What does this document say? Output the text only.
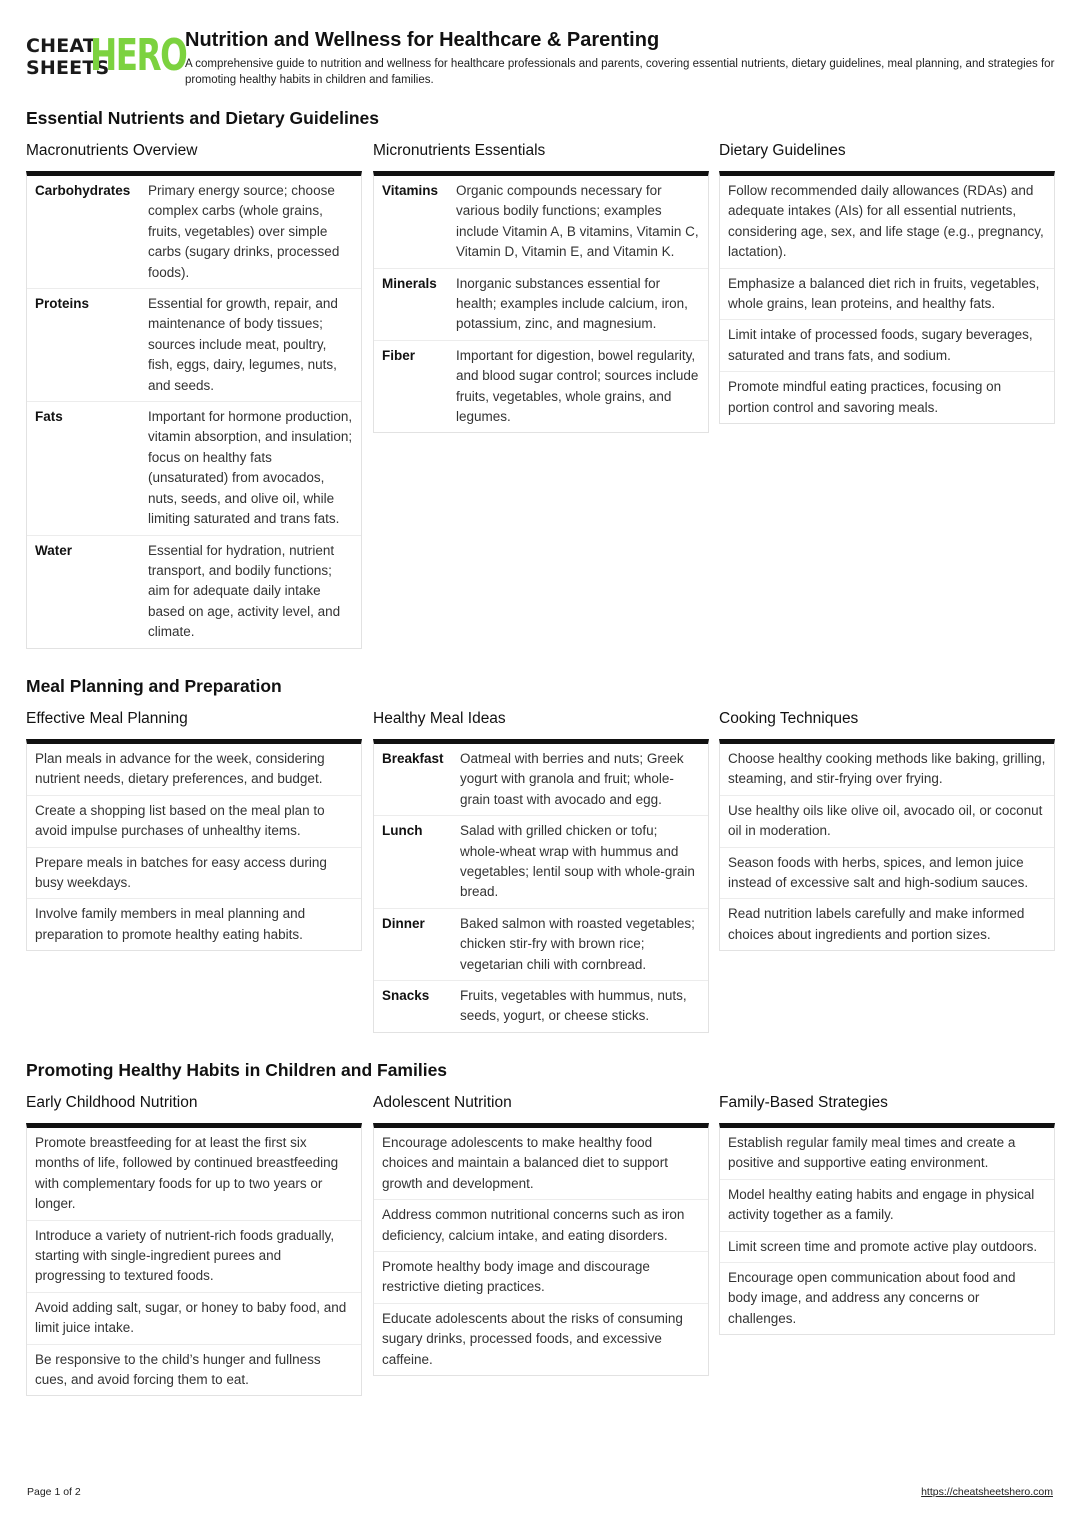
CHEAT
SHEETS
HERO
Nutrition and Wellness for Healthcare & Parenting
A comprehensive guide to nutrition and wellness for healthcare professionals and parents, covering essential nutrients, dietary guidelines, meal planning, and strategies for promoting healthy habits in children and families.
Essential Nutrients and Dietary Guidelines
Macronutrients Overview
Carbohydrates	Primary energy source; choose complex carbs (whole grains, fruits, vegetables) over simple carbs (sugary drinks, processed foods).
Proteins	Essential for growth, repair, and maintenance of body tissues; sources include meat, poultry, fish, eggs, dairy, legumes, nuts, and seeds.
Fats	Important for hormone production, vitamin absorption, and insulation; focus on healthy fats (unsaturated) from avocados, nuts, seeds, and olive oil, while limiting saturated and trans fats.
Water	Essential for hydration, nutrient transport, and bodily functions; aim for adequate daily intake based on age, activity level, and climate.
Micronutrients Essentials
Vitamins	Organic compounds necessary for various bodily functions; examples include Vitamin A, B vitamins, Vitamin C, Vitamin D, Vitamin E, and Vitamin K.
Minerals	Inorganic substances essential for health; examples include calcium, iron, potassium, zinc, and magnesium.
Fiber	Important for digestion, bowel regularity, and blood sugar control; sources include fruits, vegetables, whole grains, and legumes.
Dietary Guidelines
Follow recommended daily allowances (RDAs) and adequate intakes (AIs) for all essential nutrients, considering age, sex, and life stage (e.g., pregnancy, lactation).
Emphasize a balanced diet rich in fruits, vegetables, whole grains, lean proteins, and healthy fats.
Limit intake of processed foods, sugary beverages, saturated and trans fats, and sodium.
Promote mindful eating practices, focusing on portion control and savoring meals.
Meal Planning and Preparation
Effective Meal Planning
Plan meals in advance for the week, considering nutrient needs, dietary preferences, and budget.
Create a shopping list based on the meal plan to avoid impulse purchases of unhealthy items.
Prepare meals in batches for easy access during busy weekdays.
Involve family members in meal planning and preparation to promote healthy eating habits.
Healthy Meal Ideas
Breakfast	Oatmeal with berries and nuts; Greek yogurt with granola and fruit; whole-grain toast with avocado and egg.
Lunch	Salad with grilled chicken or tofu; whole-wheat wrap with hummus and vegetables; lentil soup with whole-grain bread.
Dinner	Baked salmon with roasted vegetables; chicken stir-fry with brown rice; vegetarian chili with cornbread.
Snacks	Fruits, vegetables with hummus, nuts, seeds, yogurt, or cheese sticks.
Cooking Techniques
Choose healthy cooking methods like baking, grilling, steaming, and stir-frying over frying.
Use healthy oils like olive oil, avocado oil, or coconut oil in moderation.
Season foods with herbs, spices, and lemon juice instead of excessive salt and high-sodium sauces.
Read nutrition labels carefully and make informed choices about ingredients and portion sizes.
Promoting Healthy Habits in Children and Families
Early Childhood Nutrition
Promote breastfeeding for at least the first six months of life, followed by continued breastfeeding with complementary foods for up to two years or longer.
Introduce a variety of nutrient-rich foods gradually, starting with single-ingredient purees and progressing to textured foods.
Avoid adding salt, sugar, or honey to baby food, and limit juice intake.
Be responsive to the child’s hunger and fullness cues, and avoid forcing them to eat.
Adolescent Nutrition
Encourage adolescents to make healthy food choices and maintain a balanced diet to support growth and development.
Address common nutritional concerns such as iron deficiency, calcium intake, and eating disorders.
Promote healthy body image and discourage restrictive dieting practices.
Educate adolescents about the risks of consuming sugary drinks, processed foods, and excessive caffeine.
Family-Based Strategies
Establish regular family meal times and create a positive and supportive eating environment.
Model healthy eating habits and engage in physical activity together as a family.
Limit screen time and promote active play outdoors.
Encourage open communication about food and body image, and address any concerns or challenges.
Page 1 of 2	https://cheatsheetshero.com
